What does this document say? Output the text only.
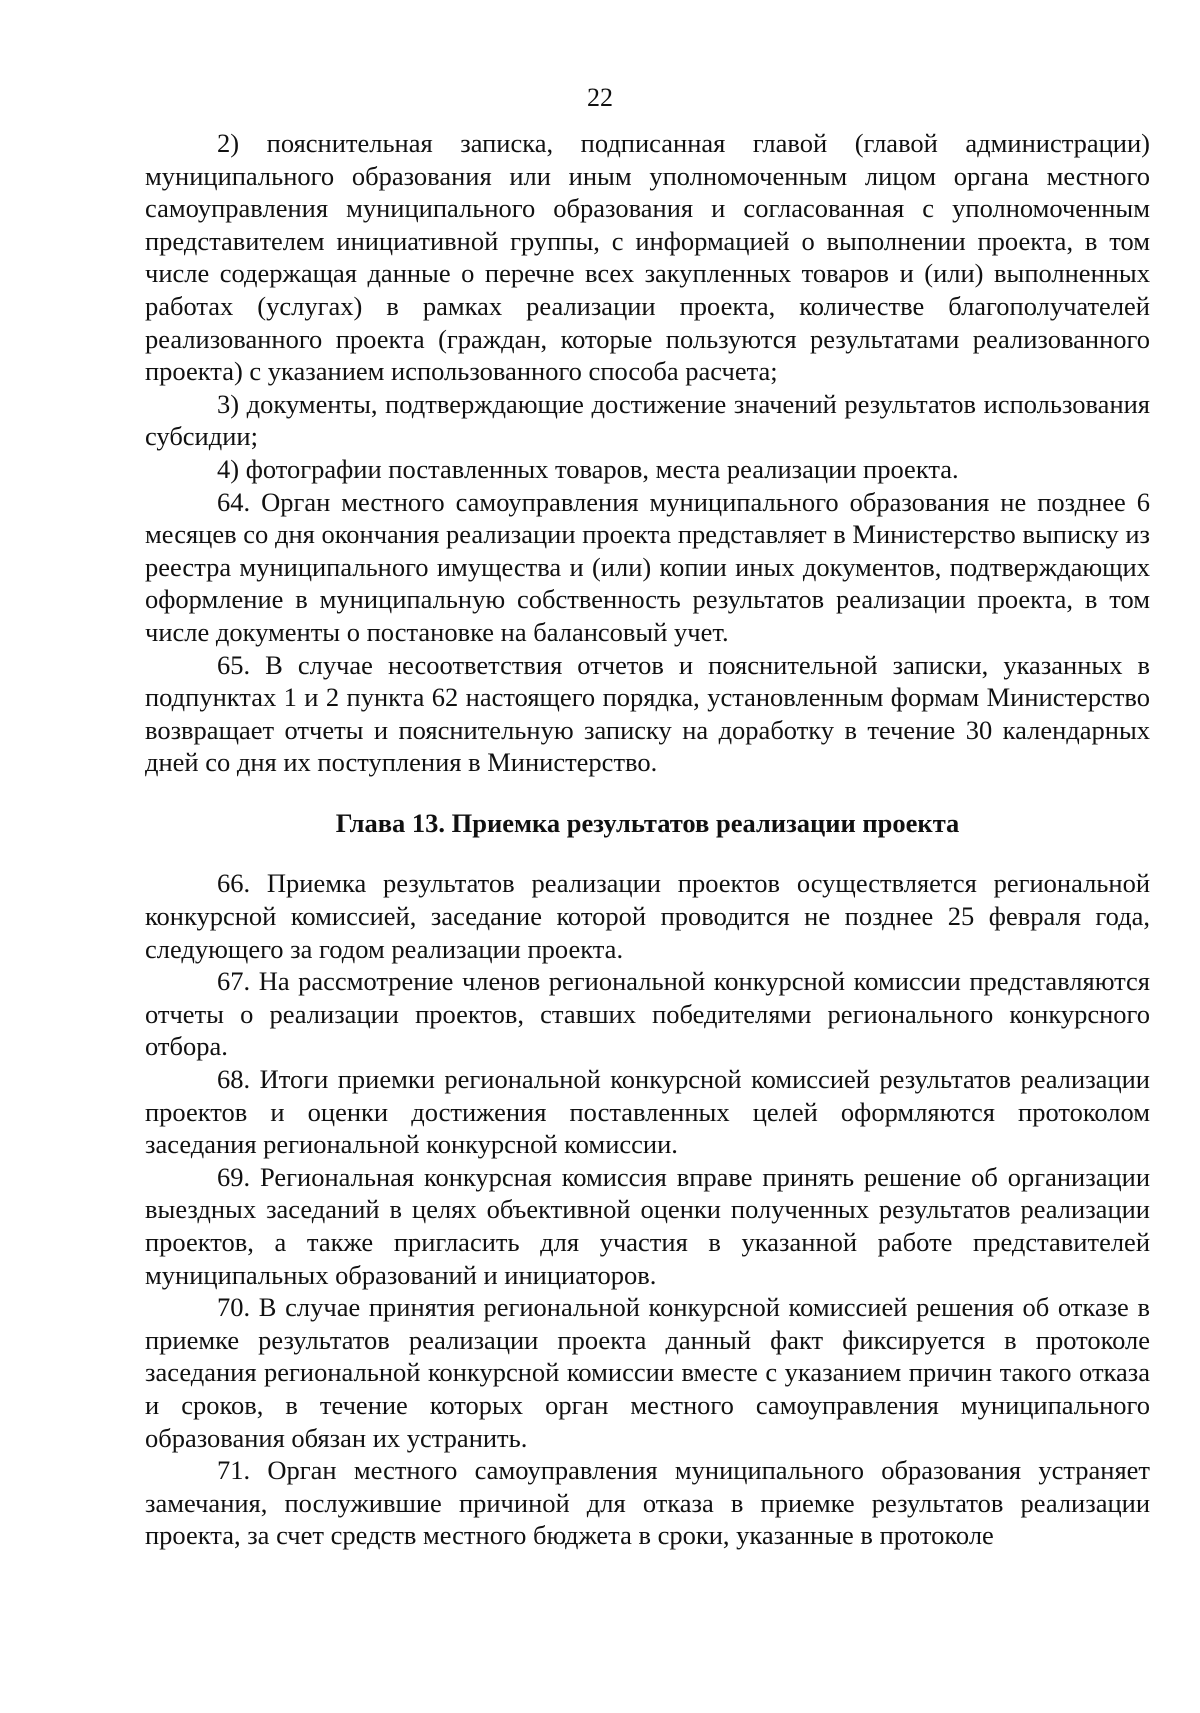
22

2) пояснительная записка, подписанная главой (главой администрации) муниципального образования или иным уполномоченным лицом органа местного самоуправления муниципального образования и согласованная с уполномоченным представителем инициативной группы, с информацией о выполнении проекта, в том числе содержащая данные о перечне всех закупленных товаров и (или) выполненных работах (услугах) в рамках реализации проекта, количестве благополучателей реализованного проекта (граждан, которые пользуются результатами реализованного проекта) с указанием использованного способа расчета;

3) документы, подтверждающие достижение значений результатов использования субсидии;

4) фотографии поставленных товаров, места реализации проекта.

64. Орган местного самоуправления муниципального образования не позднее 6 месяцев со дня окончания реализации проекта представляет в Министерство выписку из реестра муниципального имущества и (или) копии иных документов, подтверждающих оформление в муниципальную собственность результатов реализации проекта, в том числе документы о постановке на балансовый учет.

65. В случае несоответствия отчетов и пояснительной записки, указанных в подпунктах 1 и 2 пункта 62 настоящего порядка, установленным формам Министерство возвращает отчеты и пояснительную записку на доработку в течение 30 календарных дней со дня их поступления в Министерство.

Глава 13. Приемка результатов реализации проекта

66. Приемка результатов реализации проектов осуществляется региональной конкурсной комиссией, заседание которой проводится не позднее 25 февраля года, следующего за годом реализации проекта.

67. На рассмотрение членов региональной конкурсной комиссии представляются отчеты о реализации проектов, ставших победителями регионального конкурсного отбора.

68. Итоги приемки региональной конкурсной комиссией результатов реализации проектов и оценки достижения поставленных целей оформляются протоколом заседания региональной конкурсной комиссии.

69. Региональная конкурсная комиссия вправе принять решение об организации выездных заседаний в целях объективной оценки полученных результатов реализации проектов, а также пригласить для участия в указанной работе представителей муниципальных образований и инициаторов.

70. В случае принятия региональной конкурсной комиссией решения об отказе в приемке результатов реализации проекта данный факт фиксируется в протоколе заседания региональной конкурсной комиссии вместе с указанием причин такого отказа и сроков, в течение которых орган местного самоуправления муниципального образования обязан их устранить.

71. Орган местного самоуправления муниципального образования устраняет замечания, послужившие причиной для отказа в приемке результатов реализации проекта, за счет средств местного бюджета в сроки, указанные в протоколе
